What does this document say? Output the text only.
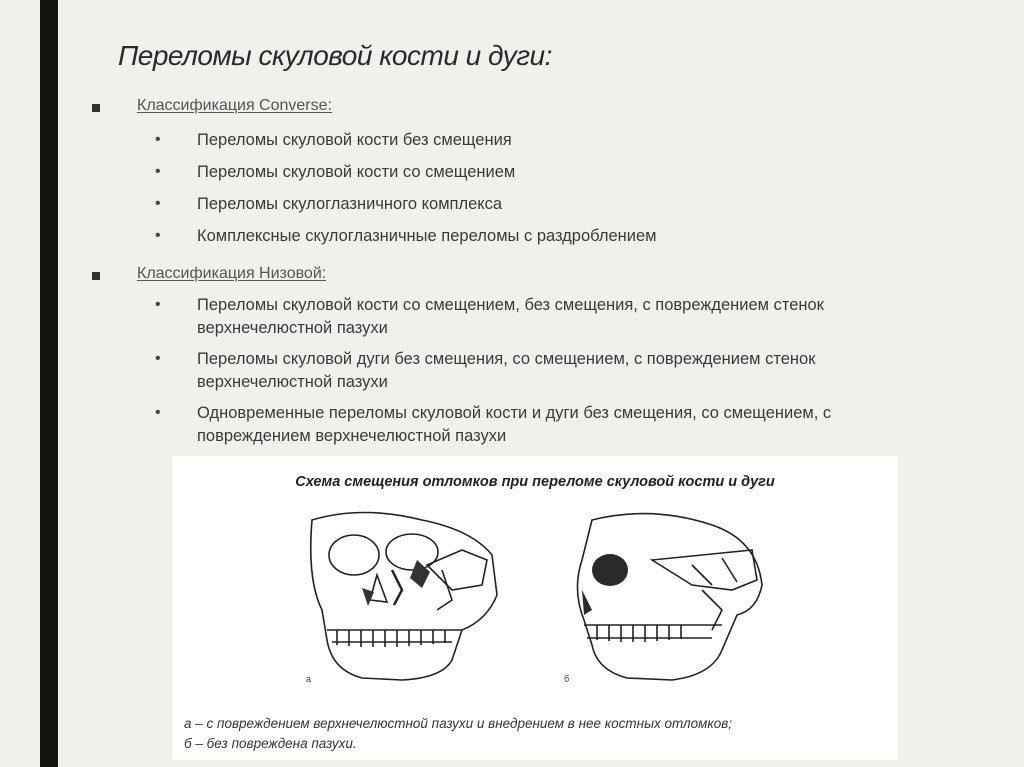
Переломы скуловой кости и дуги:
Классификация Converse:
• Переломы скуловой кости без смещения
• Переломы скуловой кости со смещением
• Переломы скулоглазничного комплекса
• Комплексные скулоглазничные переломы с раздроблением
Классификация Низовой:
• Переломы скуловой кости со смещением, без смещения, с повреждением стенок верхнечелюстной пазухи
• Переломы скуловой дуги без смещения, со смещением, с повреждением стенок верхнечелюстной пазухи
• Одновременные переломы скуловой кости и дуги без смещения, со смещением, с повреждением верхнечелюстной пазухи
Схема смещения отломков при переломе скуловой кости и дуги
а	б
а – с повреждением верхнечелюстной пазухи и внедрением в нее костных отломков;
б – без повреждена пазухи.
